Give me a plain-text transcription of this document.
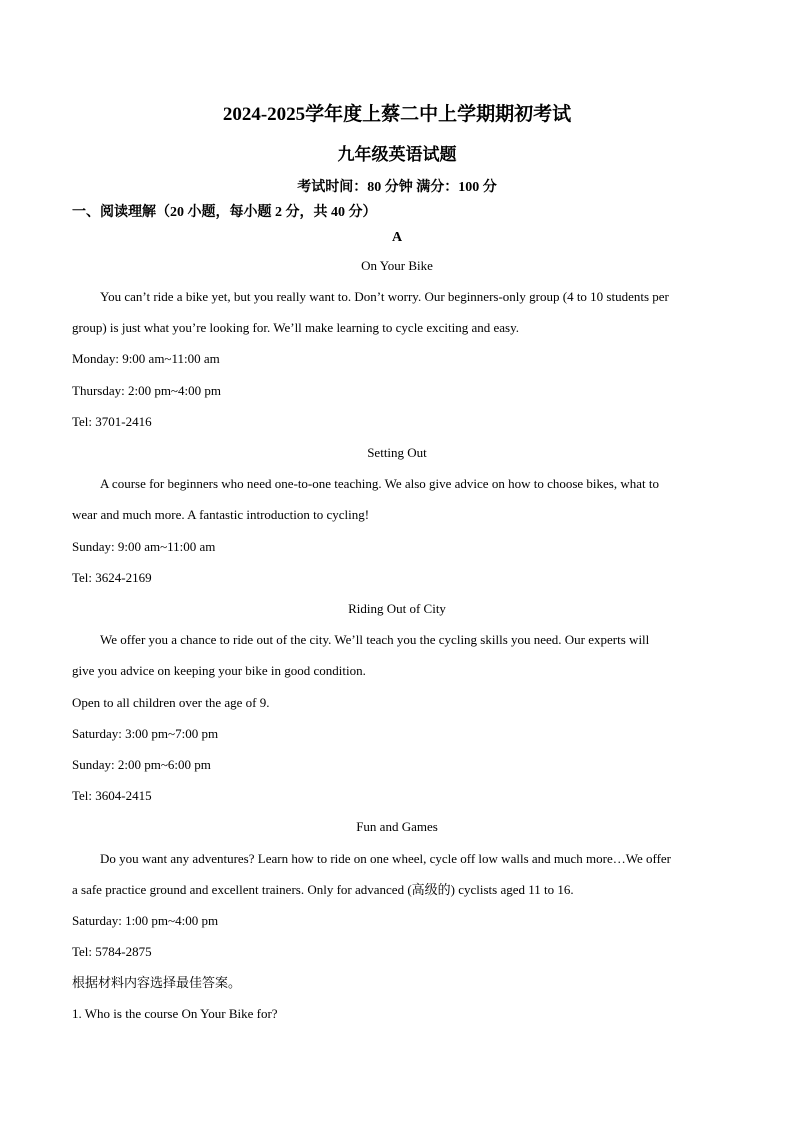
2024-2025学年度上蔡二中上学期期初考试
九年级英语试题
考试时间：80 分钟 满分：100 分
一、阅读理解（20 小题，每小题 2 分，共 40 分）
A
On Your Bike
You can’t ride a bike yet, but you really want to. Don’t worry. Our beginners-only group (4 to 10 students per
group) is just what you’re looking for. We’ll make learning to cycle exciting and easy.
Monday: 9:00 am~11:00 am
Thursday: 2:00 pm~4:00 pm
Tel: 3701-2416
Setting Out
A course for beginners who need one-to-one teaching. We also give advice on how to choose bikes, what to
wear and much more. A fantastic introduction to cycling!
Sunday: 9:00 am~11:00 am
Tel: 3624-2169
Riding Out of City
We offer you a chance to ride out of the city. We’ll teach you the cycling skills you need. Our experts will
give you advice on keeping your bike in good condition.
Open to all children over the age of 9.
Saturday: 3:00 pm~7:00 pm
Sunday: 2:00 pm~6:00 pm
Tel: 3604-2415
Fun and Games
Do you want any adventures? Learn how to ride on one wheel, cycle off low walls and much more…We offer
a safe practice ground and excellent trainers. Only for advanced (高级的) cyclists aged 11 to 16.
Saturday: 1:00 pm~4:00 pm
Tel: 5784-2875
根据材料内容选择最佳答案。
1. Who is the course On Your Bike for?
